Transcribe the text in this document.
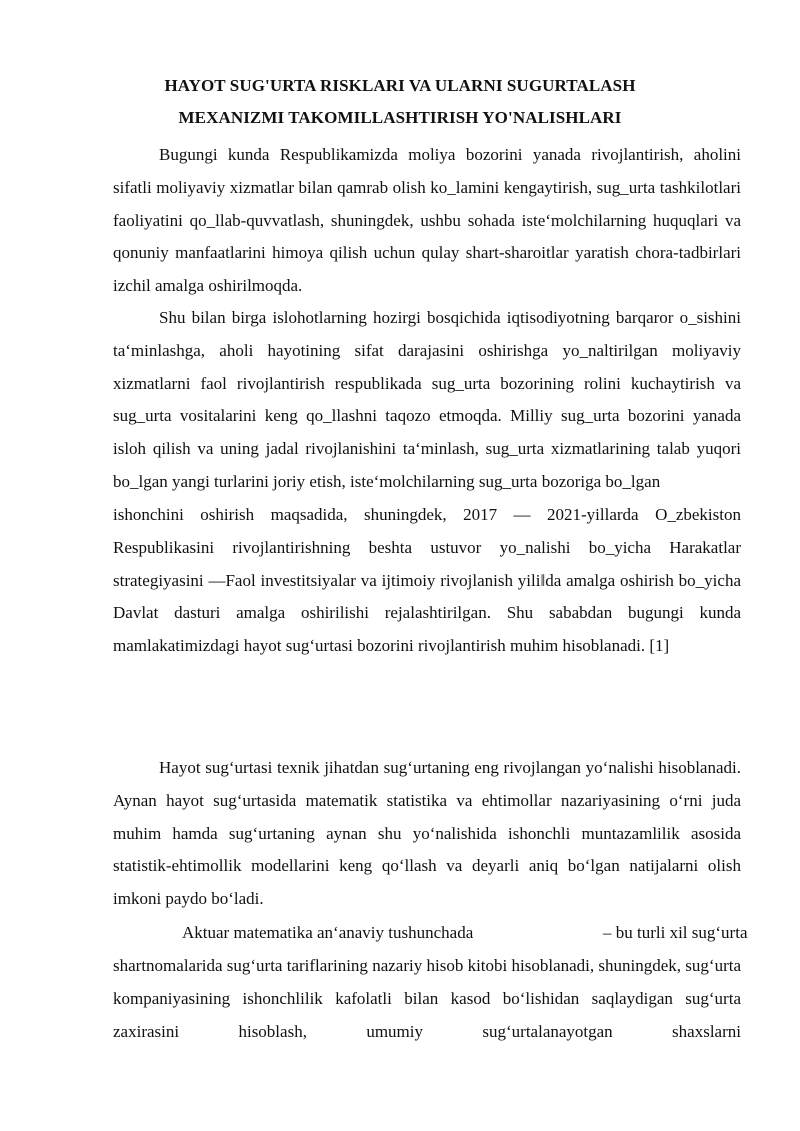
HAYOT SUG'URTA RISKLARI VA ULARNI SUGURTALASH
MEXANIZMI TAKOMILLASHTIRISH YO'NALISHLARI

Bugungi kunda Respublikamizda moliya bozorini yanada rivojlantirish, aholini sifatli moliyaviy xizmatlar bilan qamrab olish ko_lamini kengaytirish, sug_urta tashkilotlari faoliyatini qo_llab-quvvatlash, shuningdek, ushbu sohada iste‘molchilarning huquqlari va qonuniy manfaatlarini himoya qilish uchun qulay shart-sharoitlar yaratish chora-tadbirlari izchil amalga oshirilmoqda.

Shu bilan birga islohotlarning hozirgi bosqichida iqtisodiyotning barqaror o_sishini ta‘minlashga, aholi hayotining sifat darajasini oshirishga yo_naltirilgan moliyaviy xizmatlarni faol rivojlantirish respublikada sug_urta bozorining rolini kuchaytirish va sug_urta vositalarini keng qo_llashni taqozo etmoqda. Milliy sug_urta bozorini yanada isloh qilish va uning jadal rivojlanishini ta‘minlash, sug_urta xizmatlarining talab yuqori bo_lgan yangi turlarini joriy etish, iste‘molchilarning sug_urta bozoriga bo_lgan

ishonchini oshirish maqsadida, shuningdek, 2017 — 2021-yillarda O_zbekiston Respublikasini rivojlantirishning beshta ustuvor yo_nalishi bo_yicha Harakatlar strategiyasini ―Faol investitsiyalar va ijtimoiy rivojlanish yili‖da amalga oshirish bo_yicha Davlat dasturi amalga oshirilishi rejalashtirilgan. Shu sababdan bugungi kunda mamlakatimizdagi hayot sug‘urtasi bozorini rivojlantirish muhim hisoblanadi. [1]

Hayot sug‘urtasi texnik jihatdan sug‘urtaning eng rivojlangan yo‘nalishi hisoblanadi. Aynan hayot sug‘urtasida matematik statistika va ehtimollar nazariyasining o‘rni juda muhim hamda sug‘urtaning aynan shu yo‘nalishida ishonchli muntazamlilik asosida statistik-ehtimollik modellarini keng qo‘llash va deyarli aniq bo‘lgan natijalarni olish imkoni paydo bo‘ladi.

Aktuar matematika an‘anaviy tushunchada	– bu turli xil sug‘urta

shartnomalarida sug‘urta tariflarining nazariy hisob kitobi hisoblanadi, shuningdek, sug‘urta kompaniyasining ishonchlilik kafolatli bilan kasod bo‘lishidan saqlaydigan sug‘urta zaxirasini hisoblash, umumiy sug‘urtalanayotgan shaxslarni
